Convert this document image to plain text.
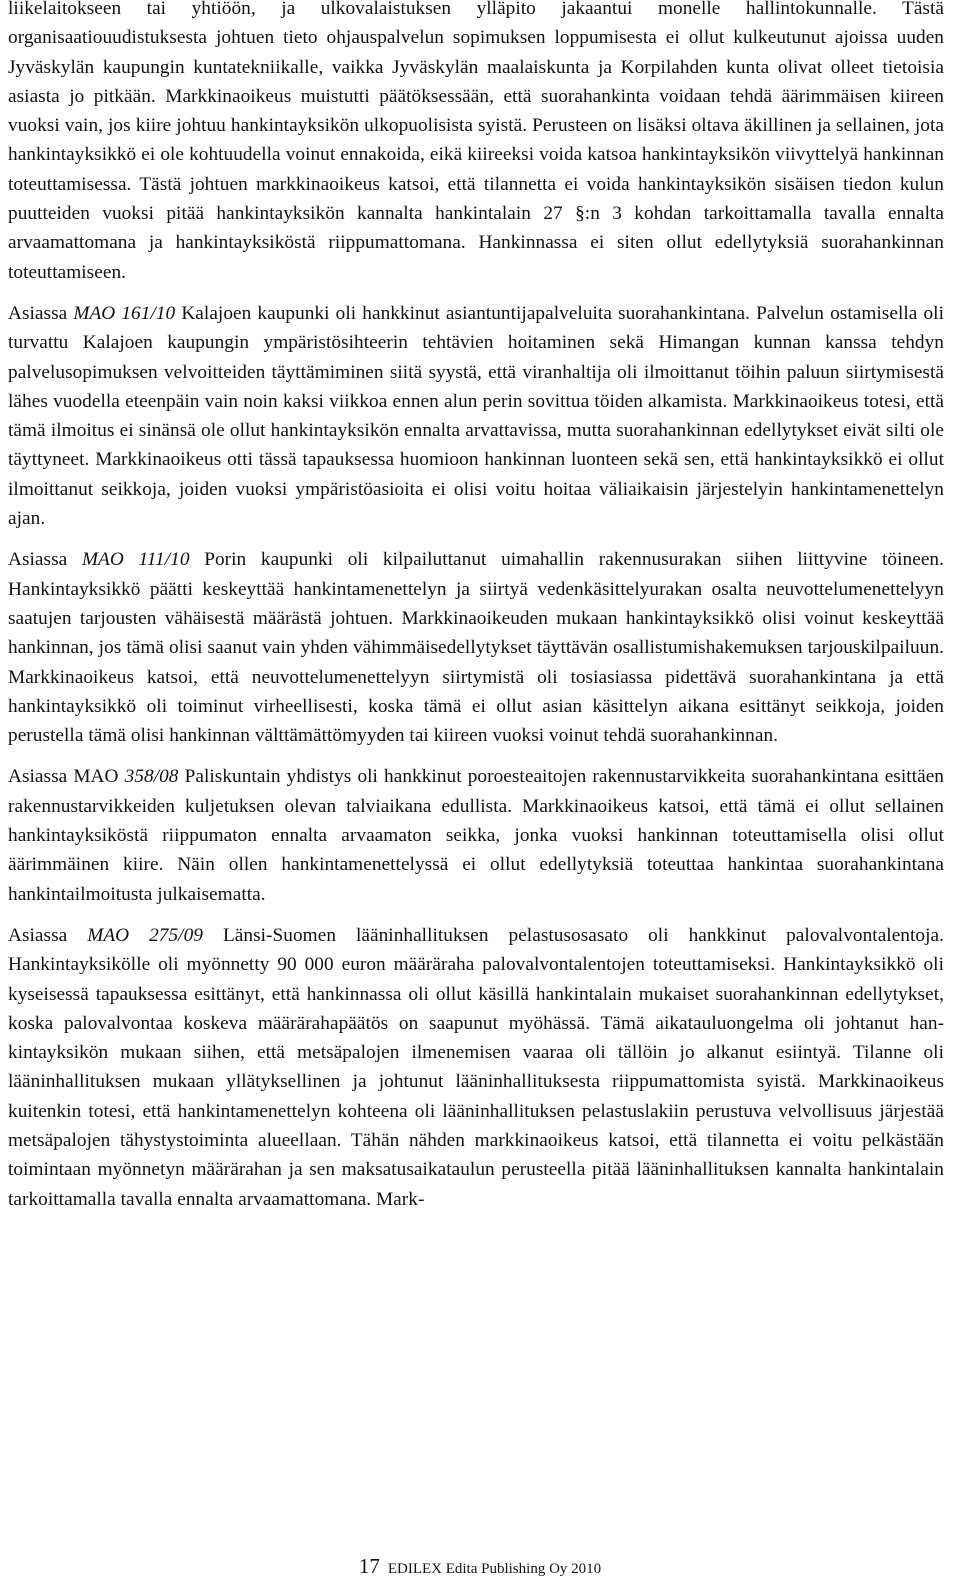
liikelaitokseen tai yhtiöön, ja ulkovalaistuksen ylläpito jakaantui monelle hallintokunnalle. Tästä organisaatiouudistuksesta johtuen tieto ohjauspalvelun sopimuksen loppumisesta ei ollut kulkeutunut ajoissa uuden Jyväskylän kaupungin kuntatekniikalle, vaikka Jyväskylän maalaiskunta ja Korpilahden kunta olivat olleet tietoisia asiasta jo pitkään. Markkinaoikeus muistutti päätöksessään, että suorahankinta voidaan tehdä äärimmäisen kiireen vuoksi vain, jos kiire johtuu hankintayksikön ulkopuolisista syistä. Perusteen on lisäksi oltava äkillinen ja sellainen, jota hankintayksikkö ei ole kohtuudella voinut ennakoida, eikä kiireeksi voida katsoa hankintayksikön viivyttelyä hankinnan toteuttamisessa. Tästä johtuen markkinaoikeus katsoi, että tilannetta ei voida hankintayksikön sisäisen tiedon kulun puutteiden vuoksi pitää hankintayksikön kannalta hankintalain 27 §:n 3 kohdan tarkoittamalla tavalla ennalta arvaamattomana ja hankintayksiköstä riippumattomana. Hankinnassa ei siten ollut edellytyksiä suorahankinnan toteuttamiseen.

Asiassa MAO 161/10 Kalajoen kaupunki oli hankkinut asiantuntijapalveluita suorahankintana. Palvelun ostamisella oli turvattu Kalajoen kaupungin ympäristösihteerin tehtävien hoitaminen sekä Himangan kunnan kanssa tehdyn palvelusopimuksen velvoitteiden täyttämiminen siitä syystä, että viranhaltija oli ilmoittanut töihin paluun siirtymisestä lähes vuodella eteenpäin vain noin kaksi viikkoa ennen alun perin sovittua töiden alkamista. Markkinaoikeus totesi, että tämä ilmoitus ei sinänsä ole ollut hankintayksikön ennalta arvattavissa, mutta suorahankinnan edellytykset eivät silti ole täyttyneet. Markkinaoikeus otti tässä tapauksessa huomioon hankinnan luonteen sekä sen, että hankintayksikkö ei ollut ilmoittanut seikkoja, joiden vuoksi ympäristöasioita ei olisi voitu hoitaa väliaikaisin järjestelyin hankintamenettelyn ajan.

Asiassa MAO 111/10 Porin kaupunki oli kilpailuttanut uimahallin rakennusurakan siihen liittyvine töineen. Hankintayksikkö päätti keskeyttää hankintamenettelyn ja siirtyä vedenkäsittelyurakan osalta neuvottelumenettelyyn saatujen tarjousten vähäisestä määrästä johtuen. Markkinaoikeuden mukaan hankintayksikkö olisi voinut keskeyttää hankinnan, jos tämä olisi saanut vain yhden vähimmäisedellytykset täyttävän osallistumishakemuksen tarjouskilpailuun. Markkinaoikeus katsoi, että neuvottelumenettelyyn siirtymistä oli tosiasiassa pidettävä suorahankintana ja että hankintayksikkö oli toiminut virheellisesti, koska tämä ei ollut asian käsittelyn aikana esittänyt seikkoja, joiden perustella tämä olisi hankinnan välttämättömyyden tai kiireen vuoksi voinut tehdä suorahankinnan.

Asiassa MAO 358/08 Paliskuntain yhdistys oli hankkinut poroesteaitojen rakennustarvikkeita suorahankintana esittäen rakennustarvikkeiden kuljetuksen olevan talviaikana edullista. Markkinaoikeus katsoi, että tämä ei ollut sellainen hankintayksiköstä riippumaton ennalta arvaamaton seikka, jonka vuoksi hankinnan toteuttamisella olisi ollut äärimmäinen kiire. Näin ollen hankintamenettelyssä ei ollut edellytyksiä toteuttaa hankintaa suorahankintana hankintailmoitusta julkaisematta.

Asiassa MAO 275/09 Länsi-Suomen lääninhallituksen pelastusosasato oli hankkinut palovalvontalentoja. Hankintayksikölle oli myönnetty 90 000 euron määräraha palovalvontalentojen toteuttamiseksi. Hankintayksikkö oli kyseisessä tapauksessa esittänyt, että hankinnassa oli ollut käsillä hankintalain mukaiset suorahankinnan edellytykset, koska palovalvontaa koskeva määrärahapäätös on saapunut myöhässä. Tämä aikatauluongelma oli johtanut hankintayksikön mukaan siihen, että metsäpalojen ilmenemisen vaaraa oli tällöin jo alkanut esiintyä. Tilanne oli lääninhallituksen mukaan yllätyksellinen ja johtunut lääninhallituksesta riippumattomista syistä. Markkinaoikeus kuitenkin totesi, että hankintamenettelyn kohteena oli lääninhallituksen pelastuslakiin perustuva velvollisuus järjestää metsäpalojen tähystystoiminta alueellaan. Tähän nähden markkinaoikeus katsoi, että tilannetta ei voitu pelkästään toimintaan myönnetyn määrärahan ja sen maksatusaikataulun perusteella pitää lääninhallituksen kannalta hankintalain tarkoittamalla tavalla ennalta arvaamattomana. Mark-

17 EDILEX Edita Publishing Oy 2010
